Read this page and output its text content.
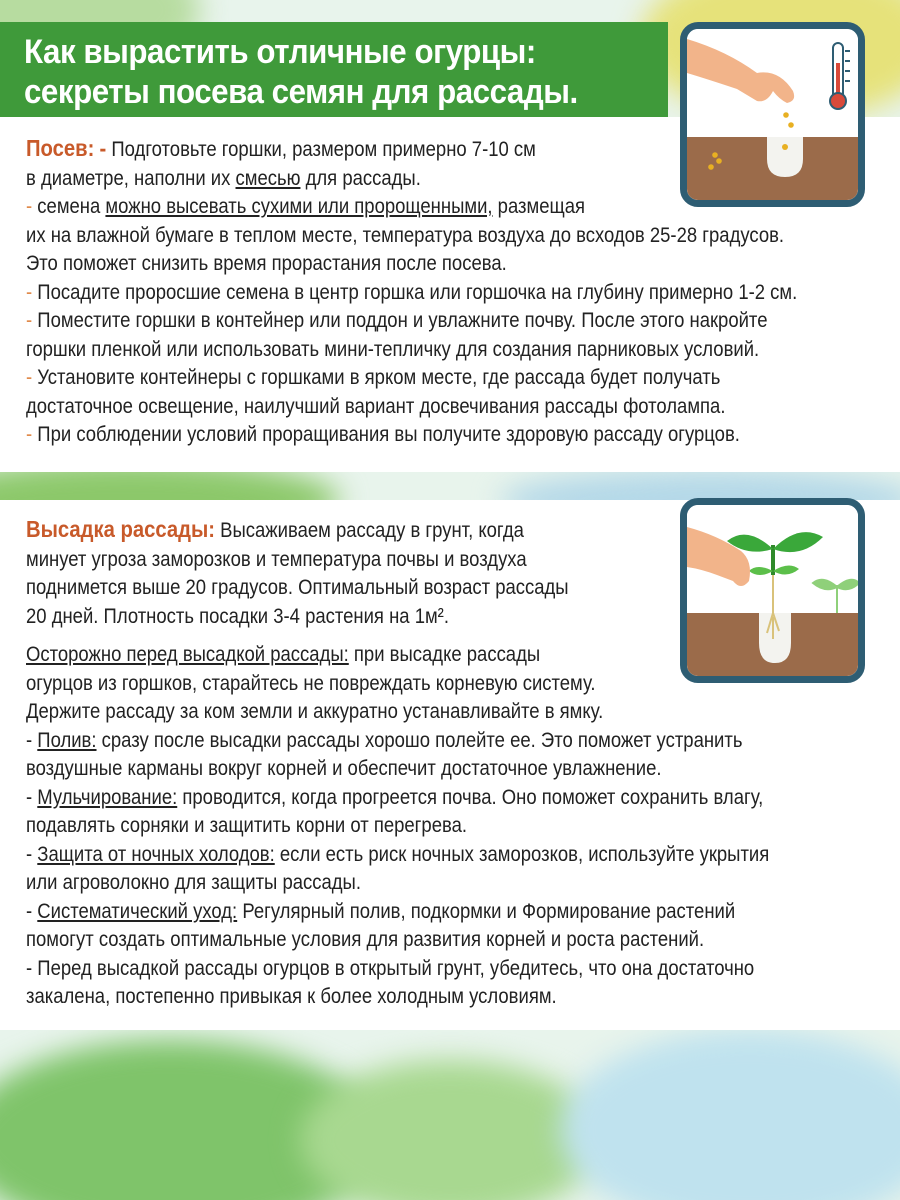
Как вырастить отличные огурцы:
секреты посева семян для рассады.
Посев: - Подготовьте горшки, размером примерно 7-10 см
в диаметре, наполни их смесью для рассады.
- семена можно высевать сухими или пророщенными, размещая
их на влажной бумаге в теплом месте, температура воздуха до всходов 25-28 градусов.
Это поможет снизить время прорастания после посева.
- Посадите проросшие семена в центр горшка или горшочка на глубину примерно 1-2 см.
- Поместите горшки в контейнер или поддон и увлажните почву. После этого накройте
горшки пленкой или использовать мини-тепличку для создания парниковых условий.
- Установите контейнеры с горшками в ярком месте, где рассада будет получать
достаточное освещение, наилучший вариант досвечивания рассады фотолампа.
- При соблюдении условий проращивания вы получите здоровую рассаду огурцов.
Высадка рассады: Высаживаем рассаду в грунт, когда
минует угроза заморозков и температура почвы и воздуха
поднимется выше 20 градусов. Оптимальный возраст рассады
20 дней. Плотность посадки 3-4 растения на 1м².
Осторожно перед высадкой рассады: при высадке рассады
огурцов из горшков, старайтесь не повреждать корневую систему.
Держите рассаду за ком земли и аккуратно устанавливайте в ямку.
- Полив: сразу после высадки рассады хорошо полейте ее. Это поможет устранить
воздушные карманы вокруг корней и обеспечит достаточное увлажнение.
- Мульчирование: проводится, когда прогреется почва. Оно поможет сохранить влагу,
подавлять сорняки и защитить корни от перегрева.
- Защита от ночных холодов: если есть риск ночных заморозков, используйте укрытия
или агроволокно для защиты рассады.
- Систематический уход: Регулярный полив, подкормки и Формирование растений
помогут создать оптимальные условия для развития корней и роста растений.
- Перед высадкой рассады огурцов в открытый грунт, убедитесь, что она достаточно
закалена, постепенно привыкая к более холодным условиям.
